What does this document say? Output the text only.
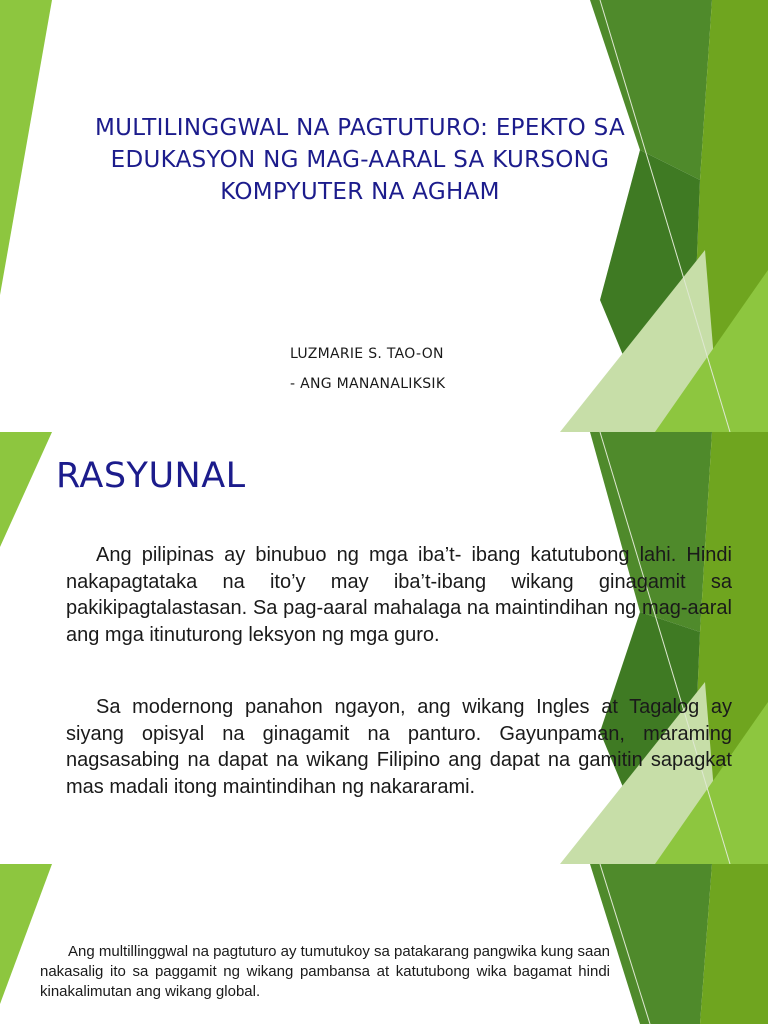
MULTILINGGWAL NA PAGTUTURO: EPEKTO SA EDUKASYON NG MAG-AARAL SA KURSONG KOMPYUTER NA AGHAM
LUZMARIE S. TAO-ON
- ANG MANANALIKSIK
RASYUNAL

Ang pilipinas ay binubuo ng mga iba’t- ibang katutubong lahi. Hindi nakapagtataka na ito’y may iba’t-ibang wikang ginagamit sa pakikipagtalastasan. Sa pag-aaral mahalaga na maintindihan ng mag-aaral ang mga itinuturong leksyon ng mga guro.

Sa modernong panahon ngayon, ang wikang Ingles at Tagalog ay siyang opisyal na ginagamit na panturo. Gayunpaman, maraming nagsasabing na dapat na wikang Filipino ang dapat na gamitin sapagkat mas madali itong maintindihan ng nakararami.

Ang multillinggwal na pagtuturo ay tumutukoy sa patakarang pangwika kung saan nakasalig ito sa paggamit ng wikang pambansa at katutubong wika bagamat hindi kinakalimutan ang wikang global.
